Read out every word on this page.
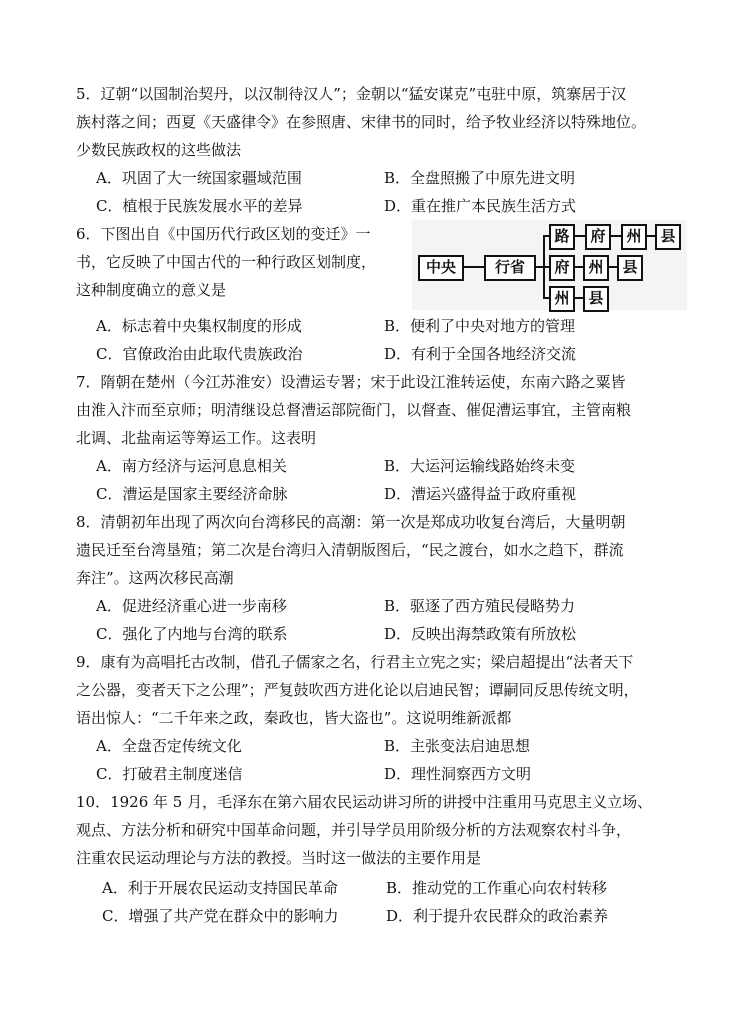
5．辽朝“以国制治契丹，以汉制待汉人”；金朝以“猛安谋克”屯驻中原，筑寨居于汉
族村落之间；西夏《天盛律令》在参照唐、宋律书的同时，给予牧业经济以特殊地位。
少数民族政权的这些做法
A．巩固了大一统国家疆域范围	B．全盘照搬了中原先进文明
C．植根于民族发展水平的差异	D．重在推广本民族生活方式
6．下图出自《中国历代行政区划的变迁》一
书，它反映了中国古代的一种行政区划制度，
这种制度确立的意义是
中央	行省
路	府	州	县
府	州	县
州	县
A．标志着中央集权制度的形成	B．便利了中央对地方的管理
C．官僚政治由此取代贵族政治	D．有利于全国各地经济交流
7．隋朝在楚州（今江苏淮安）设漕运专署；宋于此设江淮转运使，东南六路之粟皆
由淮入汴而至京师；明清继设总督漕运部院衙门，以督查、催促漕运事宜，主管南粮
北调、北盐南运等筹运工作。这表明
A．南方经济与运河息息相关	B．大运河运输线路始终未变
C．漕运是国家主要经济命脉	D．漕运兴盛得益于政府重视
8．清朝初年出现了两次向台湾移民的高潮：第一次是郑成功收复台湾后，大量明朝
遗民迁至台湾垦殖；第二次是台湾归入清朝版图后，“民之渡台，如水之趋下，群流
奔注”。这两次移民高潮
A．促进经济重心进一步南移	B．驱逐了西方殖民侵略势力
C．强化了内地与台湾的联系	D．反映出海禁政策有所放松
9．康有为高唱托古改制，借孔子儒家之名，行君主立宪之实；梁启超提出“法者天下
之公器，变者天下之公理”；严复鼓吹西方进化论以启迪民智；谭嗣同反思传统文明，
语出惊人：“二千年来之政，秦政也，皆大盗也”。这说明维新派都
A．全盘否定传统文化	B．主张变法启迪思想
C．打破君主制度迷信	D．理性洞察西方文明
10．1926 年 5 月，毛泽东在第六届农民运动讲习所的讲授中注重用马克思主义立场、
观点、方法分析和研究中国革命问题，并引导学员用阶级分析的方法观察农村斗争，
注重农民运动理论与方法的教授。当时这一做法的主要作用是
A．利于开展农民运动支持国民革命	B．推动党的工作重心向农村转移
C．增强了共产党在群众中的影响力	D．利于提升农民群众的政治素养
